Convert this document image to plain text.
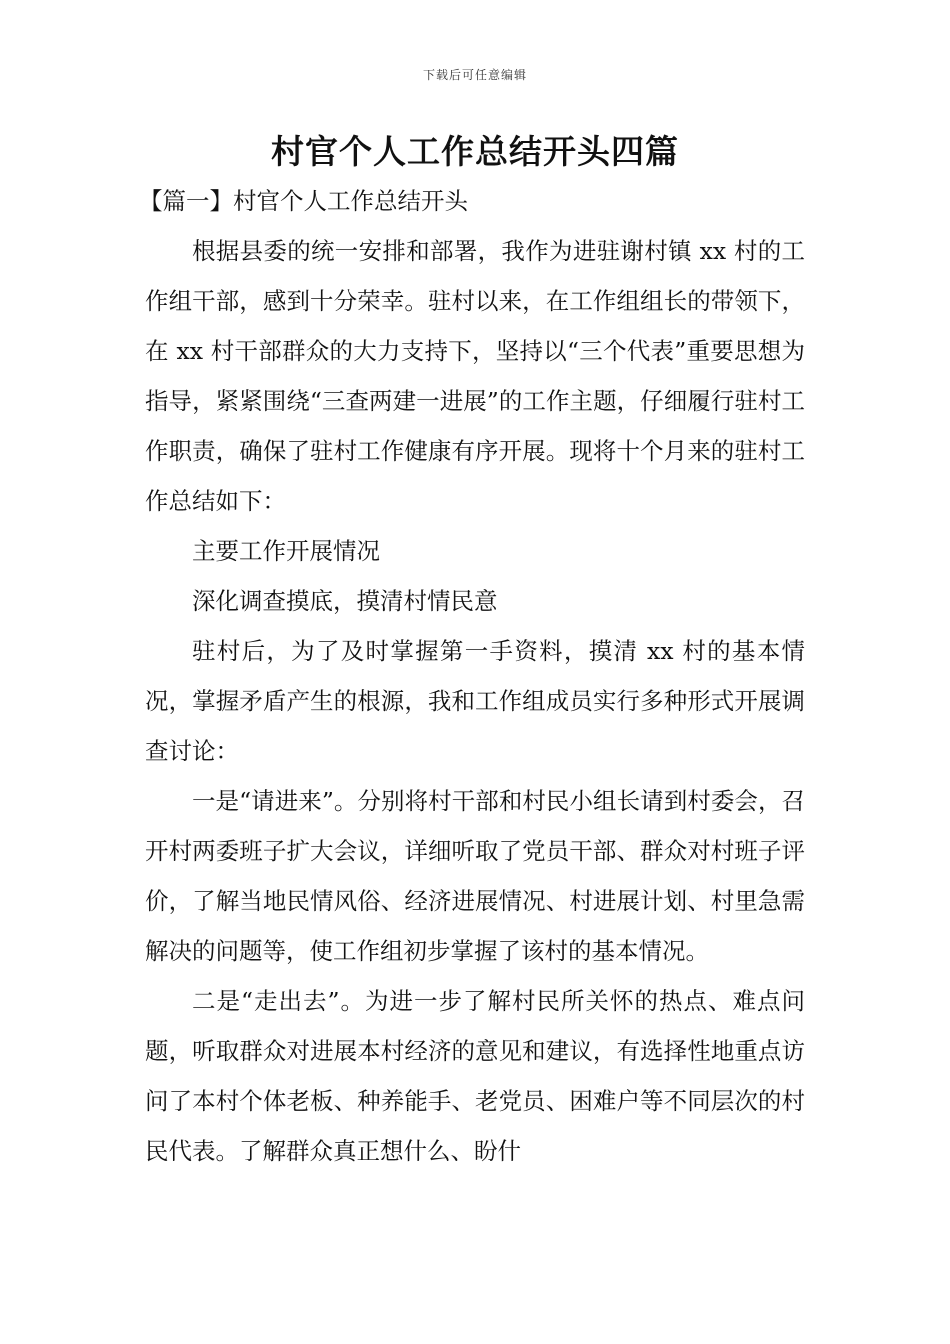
下载后可任意编辑
村官个人工作总结开头四篇

【篇一】村官个人工作总结开头

根据县委的统一安排和部署，我作为进驻谢村镇 xx 村的工作组干部，感到十分荣幸。驻村以来，在工作组组长的带领下，在 xx 村干部群众的大力支持下，坚持以“三个代表”重要思想为指导，紧紧围绕“三查两建一进展”的工作主题，仔细履行驻村工作职责，确保了驻村工作健康有序开展。现将十个月来的驻村工作总结如下：

主要工作开展情况

深化调查摸底，摸清村情民意

驻村后，为了及时掌握第一手资料，摸清 xx 村的基本情况，掌握矛盾产生的根源，我和工作组成员实行多种形式开展调查讨论：

一是“请进来”。分别将村干部和村民小组长请到村委会，召开村两委班子扩大会议，详细听取了党员干部、群众对村班子评价，了解当地民情风俗、经济进展情况、村进展计划、村里急需解决的问题等，使工作组初步掌握了该村的基本情况。

二是“走出去”。为进一步了解村民所关怀的热点、难点问题，听取群众对进展本村经济的意见和建议，有选择性地重点访问了本村个体老板、种养能手、老党员、困难户等不同层次的村民代表。了解群众真正想什么、盼什
